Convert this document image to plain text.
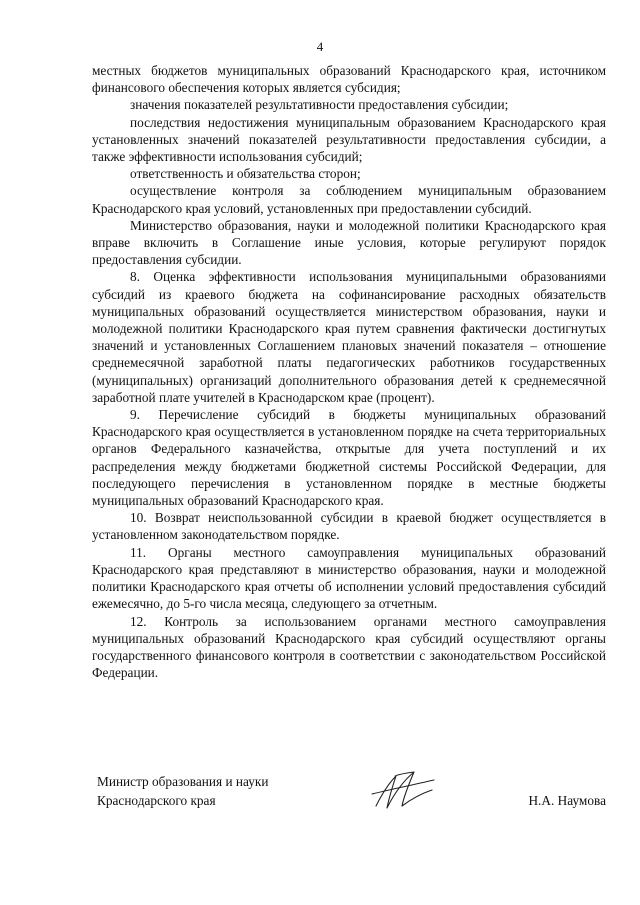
4

местных бюджетов муниципальных образований Краснодарского края, источником финансового обеспечения которых является субсидия;

значения показателей результативности предоставления субсидии;

последствия недостижения муниципальным образованием Краснодарского края установленных значений показателей результативности предоставления субсидии, а также эффективности использования субсидий;

ответственность и обязательства сторон;

осуществление контроля за соблюдением муниципальным образованием Краснодарского края условий, установленных при предоставлении субсидий.

Министерство образования, науки и молодежной политики Краснодарского края вправе включить в Соглашение иные условия, которые регулируют порядок предоставления субсидии.

8. Оценка эффективности использования муниципальными образованиями субсидий из краевого бюджета на софинансирование расходных обязательств муниципальных образований осуществляется министерством образования, науки и молодежной политики Краснодарского края путем сравнения фактически достигнутых значений и установленных Соглашением плановых значений показателя – отношение среднемесячной заработной платы педагогических работников государственных (муниципальных) организаций дополнительного образования детей к среднемесячной заработной плате учителей в Краснодарском крае (процент).

9. Перечисление субсидий в бюджеты муниципальных образований Краснодарского края осуществляется в установленном порядке на счета территориальных органов Федерального казначейства, открытые для учета поступлений и их распределения между бюджетами бюджетной системы Российской Федерации, для последующего перечисления в установленном порядке в местные бюджеты муниципальных образований Краснодарского края.

10. Возврат неиспользованной субсидии в краевой бюджет осуществляется в установленном законодательством порядке.

11. Органы местного самоуправления муниципальных образований Краснодарского края представляют в министерство образования, науки и молодежной политики Краснодарского края отчеты об исполнении условий предоставления субсидий ежемесячно, до 5-го числа месяца, следующего за отчетным.

12. Контроль за использованием органами местного самоуправления муниципальных образований Краснодарского края субсидий осуществляют органы государственного финансового контроля в соответствии с законодательством Российской Федерации.

Министр образования и науки
Краснодарского края	Н.А. Наумова
